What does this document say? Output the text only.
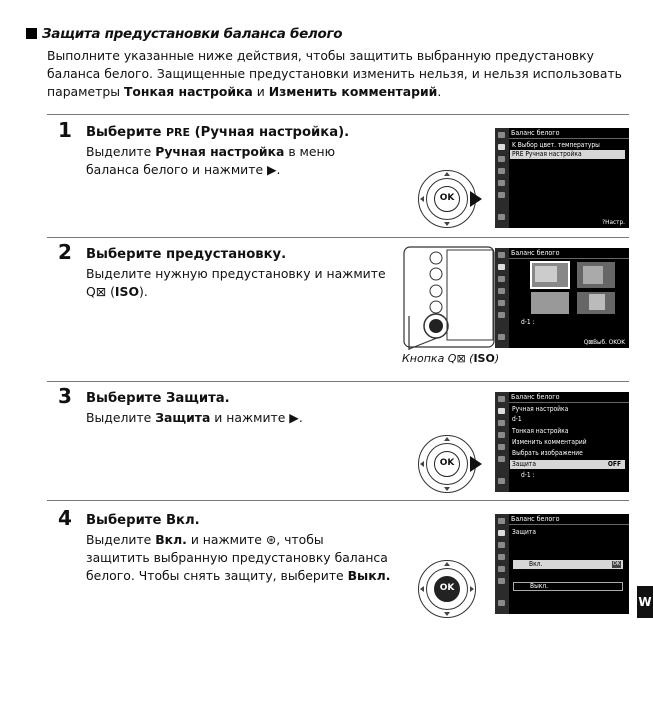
Защита предустановки баланса белого
Выполните указанные ниже действия, чтобы защитить выбранную предустановку баланса белого. Защищенные предустановки изменить нельзя, и нельзя использовать параметры Тонкая настройка и Изменить комментарий.
1 Выберите PRE (Ручная настройка).
Выделите Ручная настройка в меню баланса белого и нажмите ▶.
OK
Баланс белого
K Выбор цвет. температуры
PRE Ручная настройка
?Настр.
2 Выберите предустановку.
Выделите нужную предустановку и нажмите Q⊠ (ISO).
Кнопка Q⊠ (ISO)
Баланс белого
d-1 :
Q⊠Выб. OKOK
3 Выберите Защита.
Выделите Защита и нажмите ▶.
OK
Баланс белого
Ручная настройка
d-1
Тонкая настройка
Изменить комментарий
Выбрать изображение
Защита	OFF
d-1 :
4 Выберите Вкл.
Выделите Вкл. и нажмите ⊛, чтобы защитить выбранную предустановку баланса белого. Чтобы снять защиту, выберите Выкл.
OK
Баланс белого
Защита
Вкл.	OK
Выкл.
W
